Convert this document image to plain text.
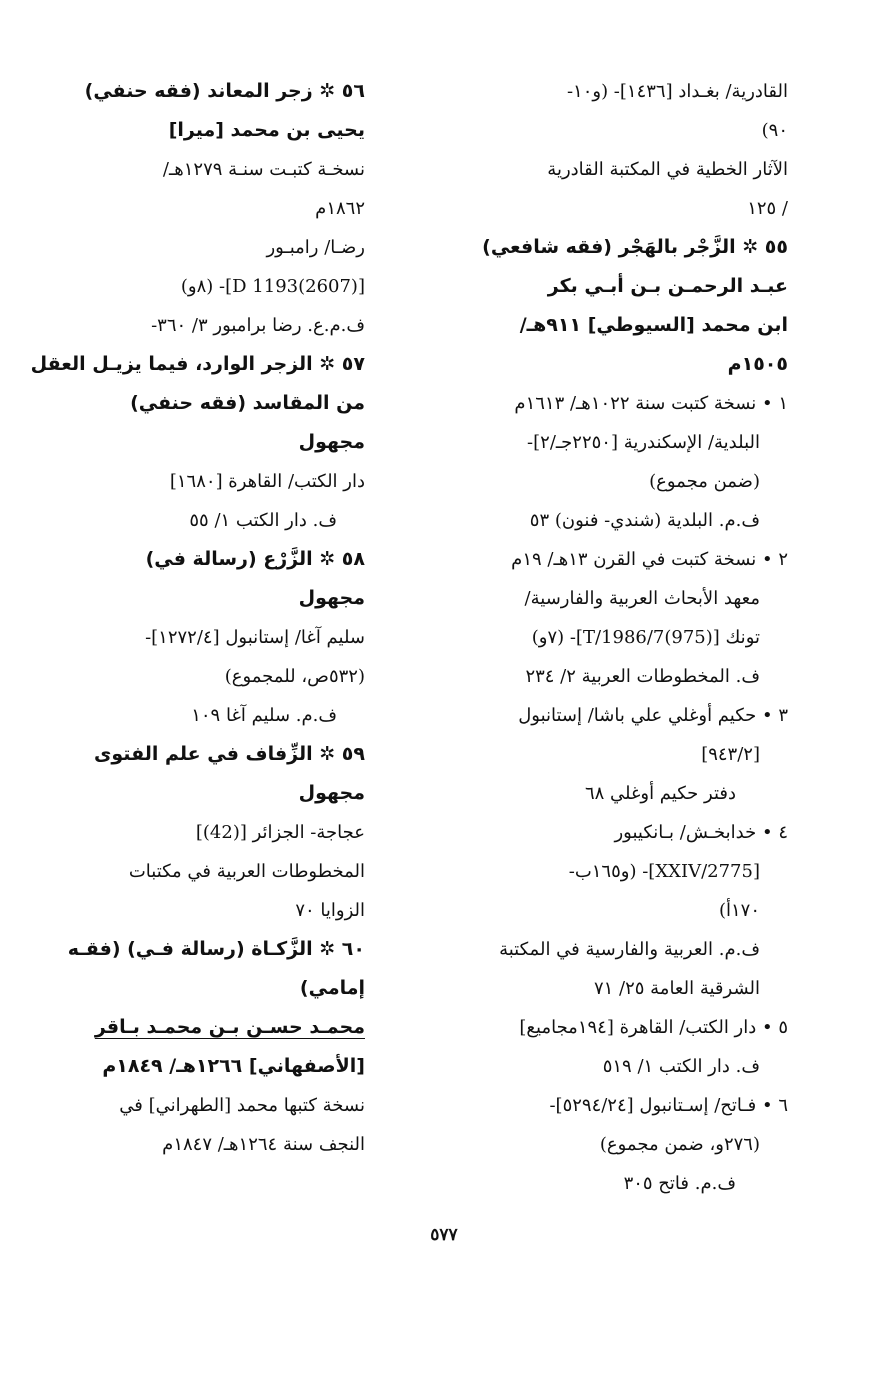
القادرية/ بغـداد [١٤٣٦]- (و١٠-
٩٠)
الآثار الخطية في المكتبة القادرية
/ ١٢٥
٥٥ ✲ الزَّجْر بالهَجْر (فقه شافعي)
عبـد الرحمـن بـن أبـي بكر
ابن محمد [السيوطي] ٩١١هـ/
١٥٠٥م
١ • نسخة كتبت سنة ١٠٢٢هـ/ ١٦١٣م
البلدية/ الإسكندرية [٢٢٥٠جـ/٢]-
(ضمن مجموع)
ف.م. البلدية (شندي- فنون) ٥٣
٢ • نسخة كتبت في القرن ١٣هـ/ ١٩م
معهد الأبحاث العربية والفارسية/
تونك [T/1986/7(975)]- (٧و)
ف. المخطوطات العربية ٢/ ٢٣٤
٣ • حكيم أوغلي علي باشا/ إستانبول
[٩٤٣/٢]
دفتر حكيم أوغلي ٦٨
٤ • خدابخـش/ بـانكيبور
[2775/XXIV]- (و١٦٥ب-
١٧٠أ)
ف.م. العربية والفارسية في المكتبة
الشرقية العامة ٢٥/ ٧١
٥ • دار الكتب/ القاهرة [١٩٤مجاميع]
ف. دار الكتب ١/ ٥١٩
٦ • فـاتح/ إسـتانبول [٥٢٩٤/٢٤]-
(٢٧٦و، ضمن مجموع)
ف.م. فاتح ٣٠٥
٥٦ ✲ زجر المعاند (فقه حنفي)
يحيى بن محمد [ميرا]
نسخـة كتبـت سنـة ١٢٧٩هـ/
١٨٦٢م
رضـا/ رامبـور
[D 1193(2607)]- (٨و)
ف.م.ع. رضا برامبور ٣/ ٣٦٠-
٥٧ ✲ الزجر الوارد، فيما يزيـل العقل
من المقاسد (فقه حنفي)
مجهول
دار الكتب/ القاهرة [١٦٨٠]
ف. دار الكتب ١/ ٥٥
٥٨ ✲ الزَّرْع (رسالة في)
مجهول
سليم آغا/ إستانبول [١٢٧٢/٤]-
(٥٣٢ص، للمجموع)
ف.م. سليم آغا ١٠٩
٥٩ ✲ الزِّفاف في علم الفتوى
مجهول
عجاجة- الجزائر [(42)]
المخطوطات العربية في مكتبات
الزوايا ٧٠
٦٠ ✲ الزَّكـاة (رسالة فـي) (فقـه
إمامي)
محمـد حسـن بـن محمـد بـاقر
[الأصفهاني] ١٢٦٦هـ/ ١٨٤٩م
نسخة كتبها محمد [الطهراني] في
النجف سنة ١٢٦٤هـ/ ١٨٤٧م
٥٧٧
